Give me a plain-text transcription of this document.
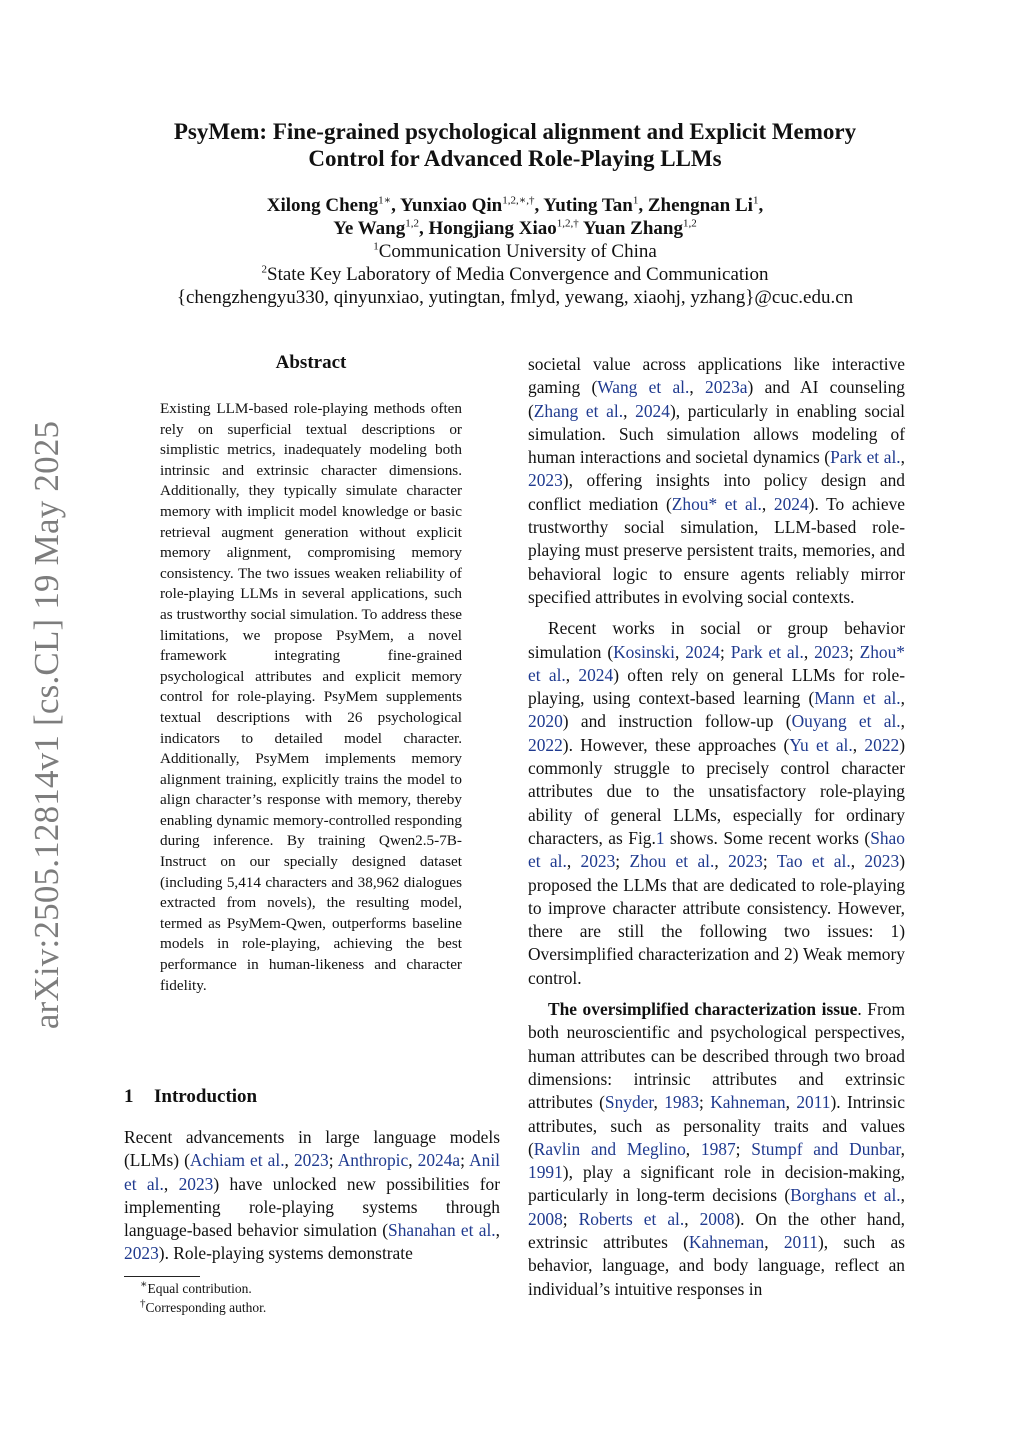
arXiv:2505.12814v1 [cs.CL] 19 May 2025
PsyMem: Fine-grained psychological alignment and Explicit Memory
Control for Advanced Role-Playing LLMs
Xilong Cheng$^{1∗}$, Yunxiao Qin$^{1,2,∗,\dagger}$, Yuting Tan$^1$, Zhengnan Li$^1$,
Ye Wang$^{1,2}$, Hongjiang Xiao$^{1,2,\dagger}$ Yuan Zhang$^{1,2}$
$^1$Communication University of China
$^2$State Key Laboratory of Media Convergence and Communication
{chengzhengyu330, qinyunxiao, yutingtan, fmlyd, yewang, xiaohj, yzhang}@cuc.edu.cn
Abstract
Existing LLM-based role-playing methods often rely on superficial textual descriptions or simplistic metrics, inadequately modeling both intrinsic and extrinsic character dimensions. Additionally, they typically simulate character memory with implicit model knowledge or basic retrieval augment generation without explicit memory alignment, compromising memory consistency. The two issues weaken reliability of role-playing LLMs in several applications, such as trustworthy social simulation. To address these limitations, we propose PsyMem, a novel framework integrating fine-grained psychological attributes and explicit memory control for role-playing. PsyMem supplements textual descriptions with 26 psychological indicators to detailed model character. Additionally, PsyMem implements memory alignment training, explicitly trains the model to align character’s response with memory, thereby enabling dynamic memory-controlled responding during inference. By training Qwen2.5-7B-Instruct on our specially designed dataset (including 5,414 characters and 38,962 dialogues extracted from novels), the resulting model, termed as PsyMem-Qwen, outperforms baseline models in role-playing, achieving the best performance in human-likeness and character fidelity.
1 Introduction
Recent advancements in large language models (LLMs) (Achiam et al., 2023; Anthropic, 2024a; Anil et al., 2023) have unlocked new possibilities for implementing role-playing systems through language-based behavior simulation (Shanahan et al., 2023). Role-playing systems demonstrate
∗Equal contribution.
†Corresponding author.

societal value across applications like interactive gaming (Wang et al., 2023a) and AI counseling (Zhang et al., 2024), particularly in enabling social simulation. Such simulation allows modeling of human interactions and societal dynamics (Park et al., 2023), offering insights into policy design and conflict mediation (Zhou* et al., 2024). To achieve trustworthy social simulation, LLM-based role-playing must preserve persistent traits, memories, and behavioral logic to ensure agents reliably mirror specified attributes in evolving social contexts.

Recent works in social or group behavior simulation (Kosinski, 2024; Park et al., 2023; Zhou* et al., 2024) often rely on general LLMs for role-playing, using context-based learning (Mann et al., 2020) and instruction follow-up (Ouyang et al., 2022). However, these approaches (Yu et al., 2022) commonly struggle to precisely control character attributes due to the unsatisfactory role-playing ability of general LLMs, especially for ordinary characters, as Fig.1 shows. Some recent works (Shao et al., 2023; Zhou et al., 2023; Tao et al., 2023) proposed the LLMs that are dedicated to role-playing to improve character attribute consistency. However, there are still the following two issues: 1) Oversimplified characterization and 2) Weak memory control.

The oversimplified characterization issue. From both neuroscientific and psychological perspectives, human attributes can be described through two broad dimensions: intrinsic attributes and extrinsic attributes (Snyder, 1983; Kahneman, 2011). Intrinsic attributes, such as personality traits and values (Ravlin and Meglino, 1987; Stumpf and Dunbar, 1991), play a significant role in decision-making, particularly in long-term decisions (Borghans et al., 2008; Roberts et al., 2008). On the other hand, extrinsic attributes (Kahneman, 2011), such as behavior, language, and body language, reflect an individual’s intuitive responses in
